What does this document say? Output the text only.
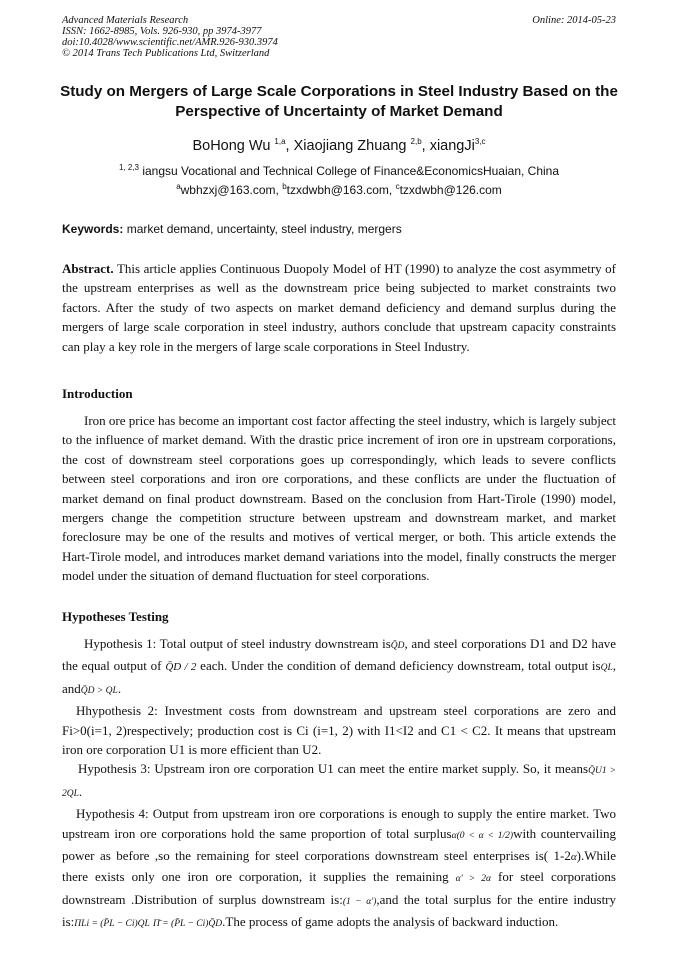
Advanced Materials Research
ISSN: 1662-8985, Vols. 926-930, pp 3974-3977
doi:10.4028/www.scientific.net/AMR.926-930.3974
© 2014 Trans Tech Publications Ltd, Switzerland
Online: 2014-05-23
Study on Mergers of Large Scale Corporations in Steel Industry Based on the Perspective of Uncertainty of Market Demand
BoHong Wu $^{1,a}$, Xiaojiang Zhuang $^{2,b}$, xiangJi$^{3,c}$
$^{1, 2,3}$ iangsu Vocational and Technical College of Finance&EconomicsHuaian, China
$^a$wbhzxj@163.com, $^b$tzxdwbh@163.com, $^c$tzxdwbh@126.com
Keywords: market demand, uncertainty, steel industry, mergers
Abstract. This article applies Continuous Duopoly Model of HT (1990) to analyze the cost asymmetry of the upstream enterprises as well as the downstream price being subjected to market constraints two factors. After the study of two aspects on market demand deficiency and demand surplus during the mergers of large scale corporation in steel industry, authors conclude that upstream capacity constraints can play a key role in the mergers of large scale corporations in Steel Industry.
Introduction
Iron ore price has become an important cost factor affecting the steel industry, which is largely subject to the influence of market demand. With the drastic price increment of iron ore in upstream corporations, the cost of downstream steel corporations goes up correspondingly, which leads to severe conflicts between steel corporations and iron ore corporations, and these conflicts are under the fluctuation of market demand on final product downstream. Based on the conclusion from Hart-Tirole (1990) model, mergers change the competition structure between upstream and downstream market, and market foreclosure may be one of the results and motives of vertical merger, or both. This article extends the Hart-Tirole model, and introduces market demand variations into the model, finally constructs the merger model under the situation of demand fluctuation for steel corporations.
Hypotheses Testing

Hypothesis 1: Total output of steel industry downstream isQ̄D, and steel corporations D1 and D2 have the equal output of Q̄D / 2 each. Under the condition of demand deficiency downstream, total output isQL, andQ̄D > QL.

Hhypothesis 2: Investment costs from downstream and upstream steel corporations are zero and Fi>0(i=1, 2)respectively; production cost is Ci (i=1, 2) with I1<I2 and C1 < C2. It means that upstream iron ore corporation U1 is more efficient than U2.

Hypothesis 3: Upstream iron ore corporation U1 can meet the entire market supply. So, it meansQ̄U1 > 2QL.

Hypothesis 4: Output from upstream iron ore corporations is enough to supply the entire market. Two upstream iron ore corporations hold the same proportion of total surplusα(0 < α < 1/2)with countervailing power as before ,so the remaining for steel corporations downstream steel enterprises is( 1-2α).While there exists only one iron ore corporation, it supplies the remaining α' > 2α for steel corporations downstream .Distribution of surplus downstream is:(1 − α'),and the total surplus for the entire industry is:ΠLi = (P̄L − Ci)QL Π̄ = (P̄L − Ci)Q̄D.The process of game adopts the analysis of backward induction.
